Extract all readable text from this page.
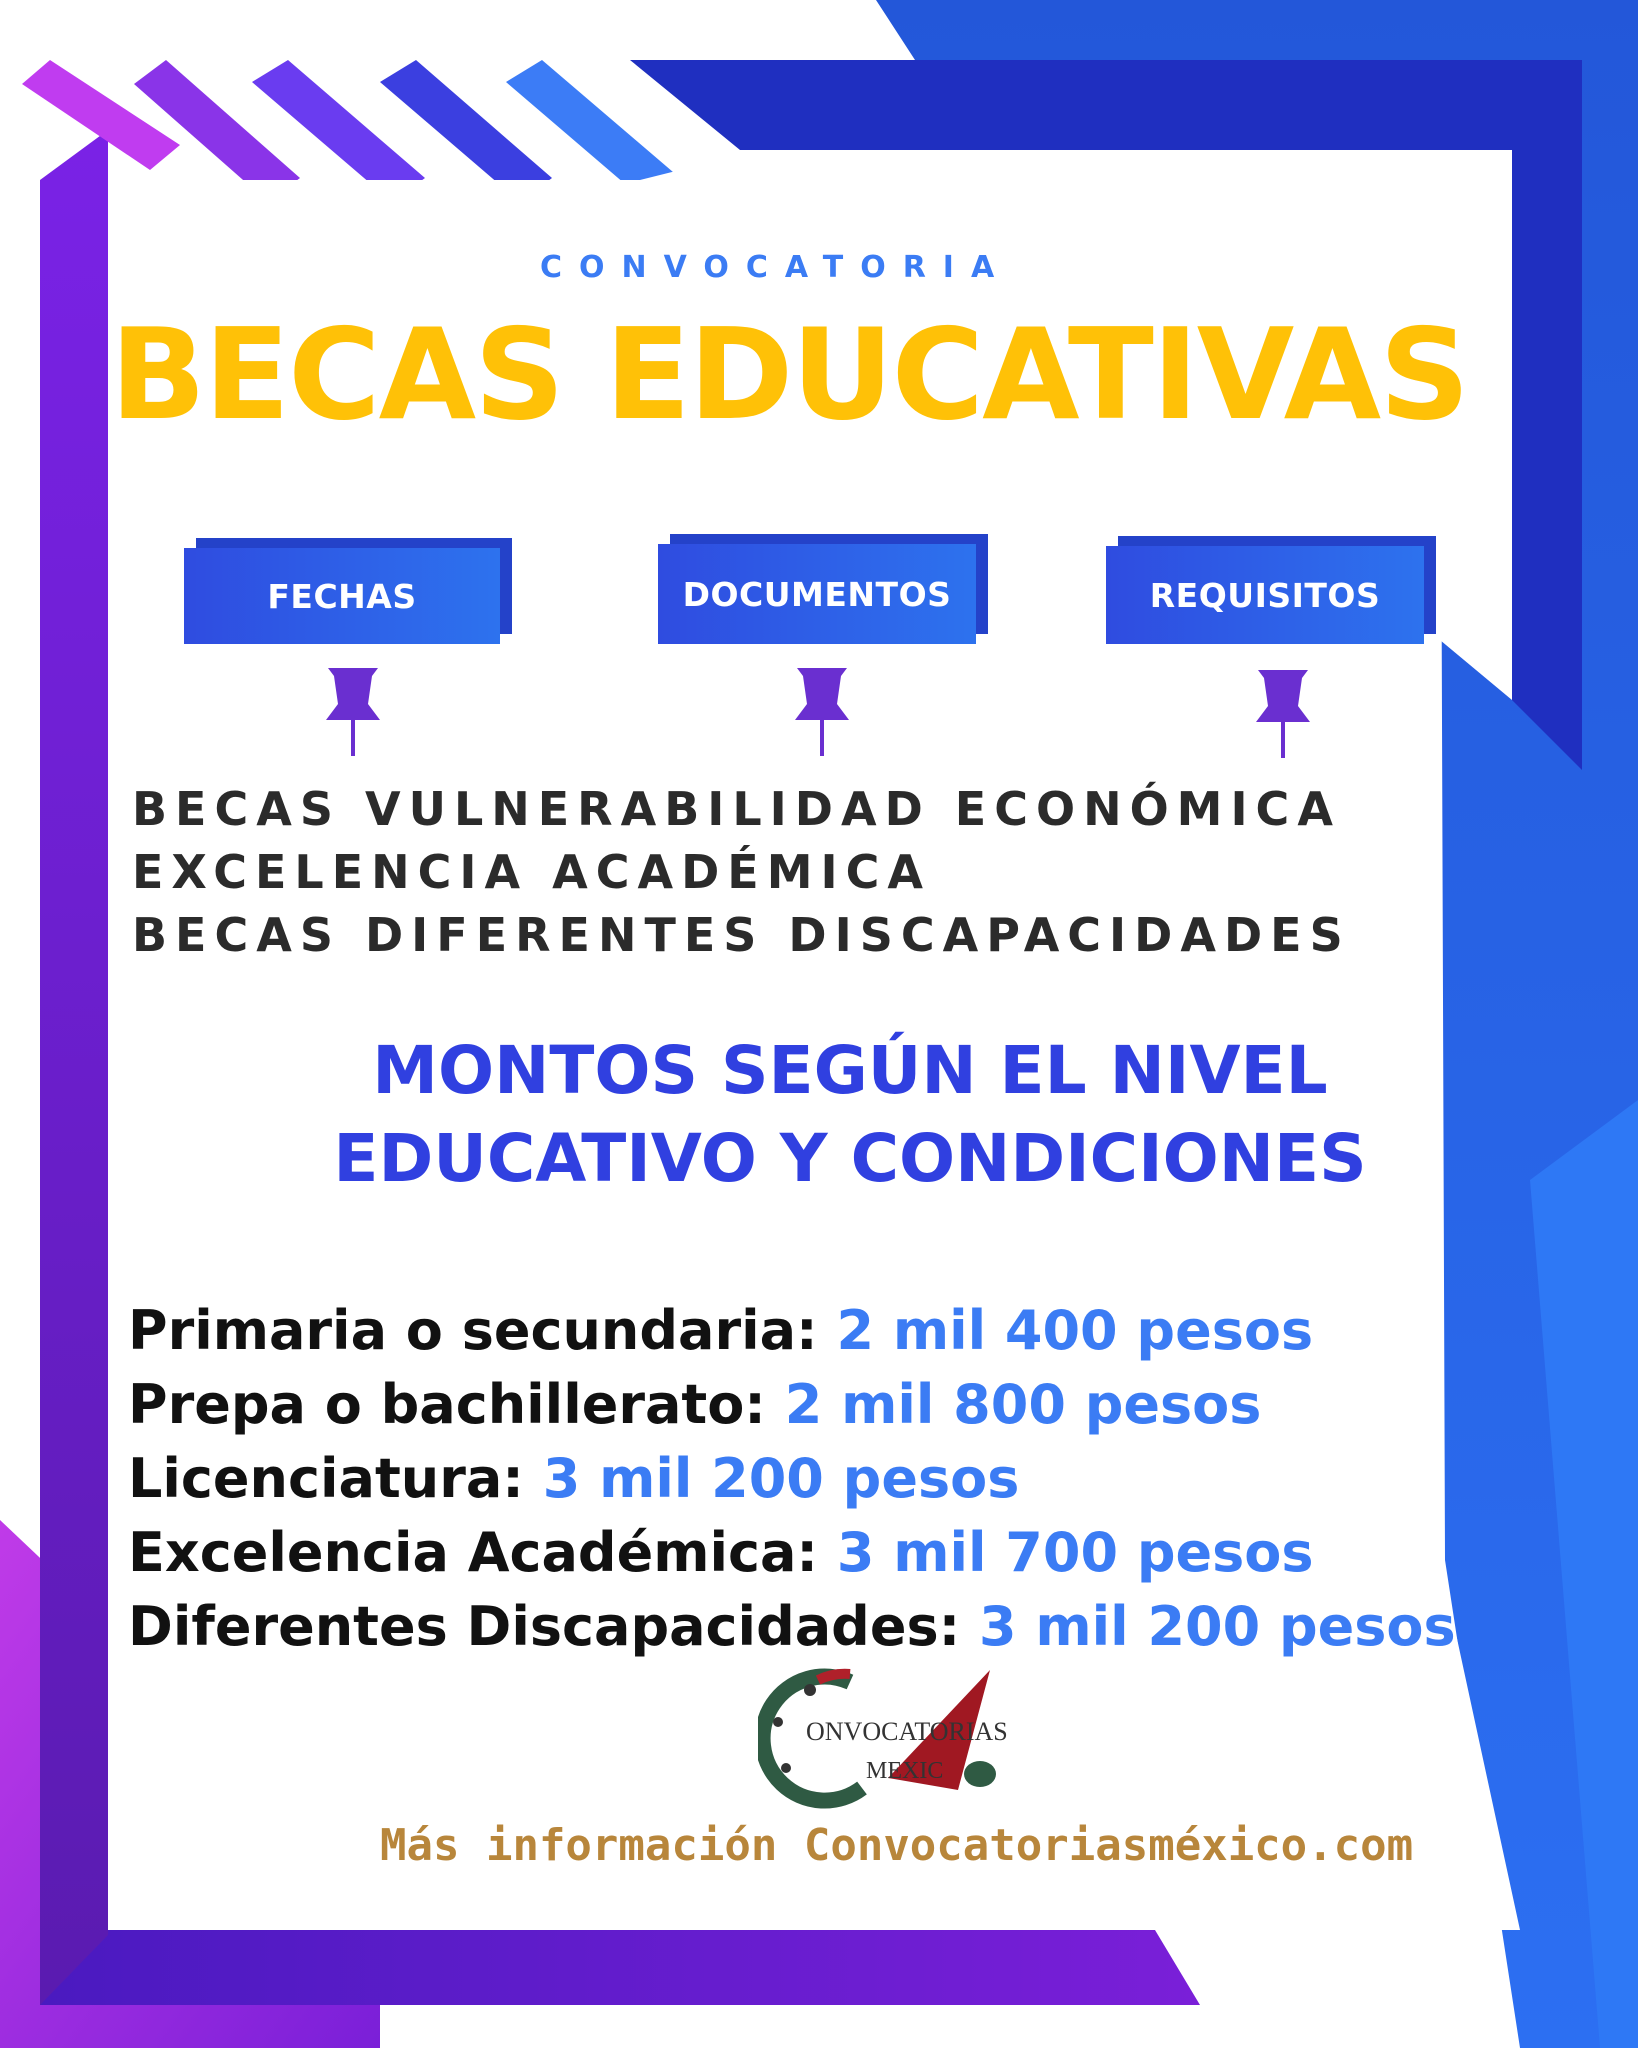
CONVOCATORIA
BECAS EDUCATIVAS
FECHAS	DOCUMENTOS	REQUISITOS
BECAS VULNERABILIDAD ECONÓMICA
EXCELENCIA ACADÉMICA
BECAS DIFERENTES DISCAPACIDADES
MONTOS SEGÚN EL NIVEL
EDUCATIVO Y CONDICIONES
Primaria o secundaria: 2 mil 400 pesos
Prepa o bachillerato: 2 mil 800 pesos
Licenciatura: 3 mil 200 pesos
Excelencia Académica: 3 mil 700 pesos
Diferentes Discapacidades: 3 mil 200 pesos
ONVOCATORIAS
MEXIC
Más información Convocatoriasméxico.com
